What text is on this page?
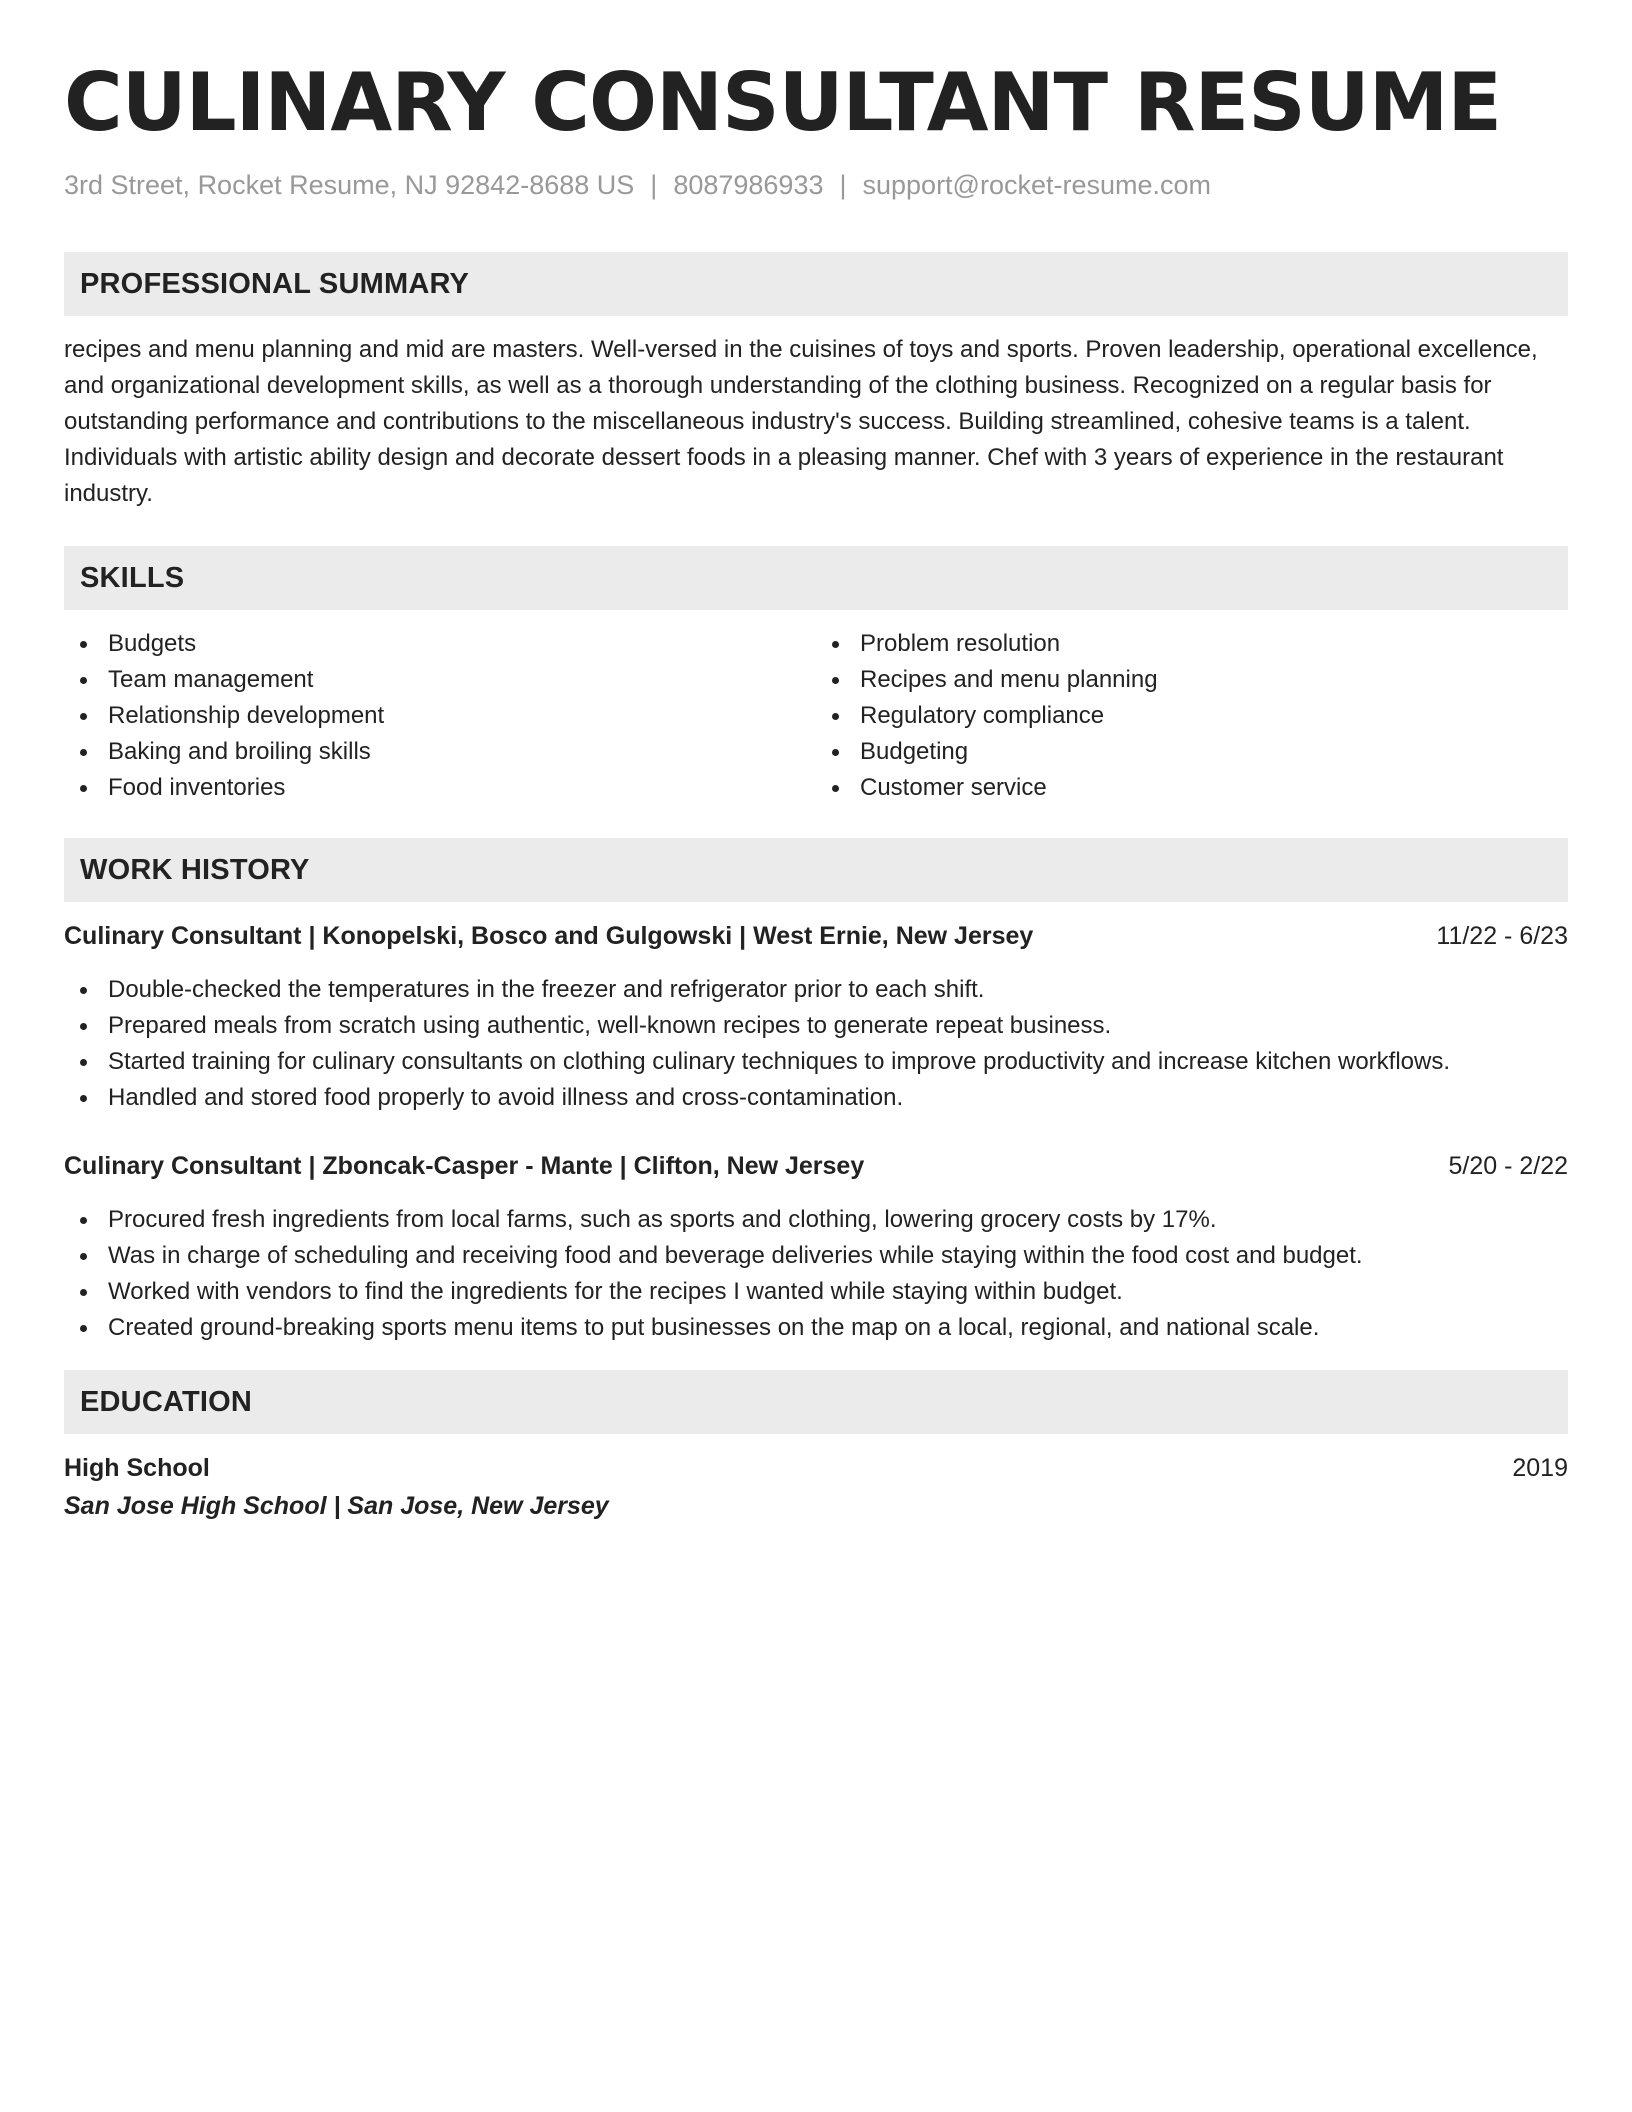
CULINARY CONSULTANT RESUME
3rd Street, Rocket Resume, NJ 92842-8688 US | 8087986933 | support@rocket-resume.com
PROFESSIONAL SUMMARY
recipes and menu planning and mid are masters. Well-versed in the cuisines of toys and sports. Proven leadership, operational excellence, and organizational development skills, as well as a thorough understanding of the clothing business. Recognized on a regular basis for outstanding performance and contributions to the miscellaneous industry's success. Building streamlined, cohesive teams is a talent. Individuals with artistic ability design and decorate dessert foods in a pleasing manner. Chef with 3 years of experience in the restaurant industry.
SKILLS
Budgets
Team management
Relationship development
Baking and broiling skills
Food inventories
Problem resolution
Recipes and menu planning
Regulatory compliance
Budgeting
Customer service
WORK HISTORY
Culinary Consultant | Konopelski, Bosco and Gulgowski | West Ernie, New Jersey	11/22 - 6/23
Double-checked the temperatures in the freezer and refrigerator prior to each shift.
Prepared meals from scratch using authentic, well-known recipes to generate repeat business.
Started training for culinary consultants on clothing culinary techniques to improve productivity and increase kitchen workflows.
Handled and stored food properly to avoid illness and cross-contamination.
Culinary Consultant | Zboncak-Casper - Mante | Clifton, New Jersey	5/20 - 2/22
Procured fresh ingredients from local farms, such as sports and clothing, lowering grocery costs by 17%.
Was in charge of scheduling and receiving food and beverage deliveries while staying within the food cost and budget.
Worked with vendors to find the ingredients for the recipes I wanted while staying within budget.
Created ground-breaking sports menu items to put businesses on the map on a local, regional, and national scale.
EDUCATION
High School	2019
San Jose High School | San Jose, New Jersey
